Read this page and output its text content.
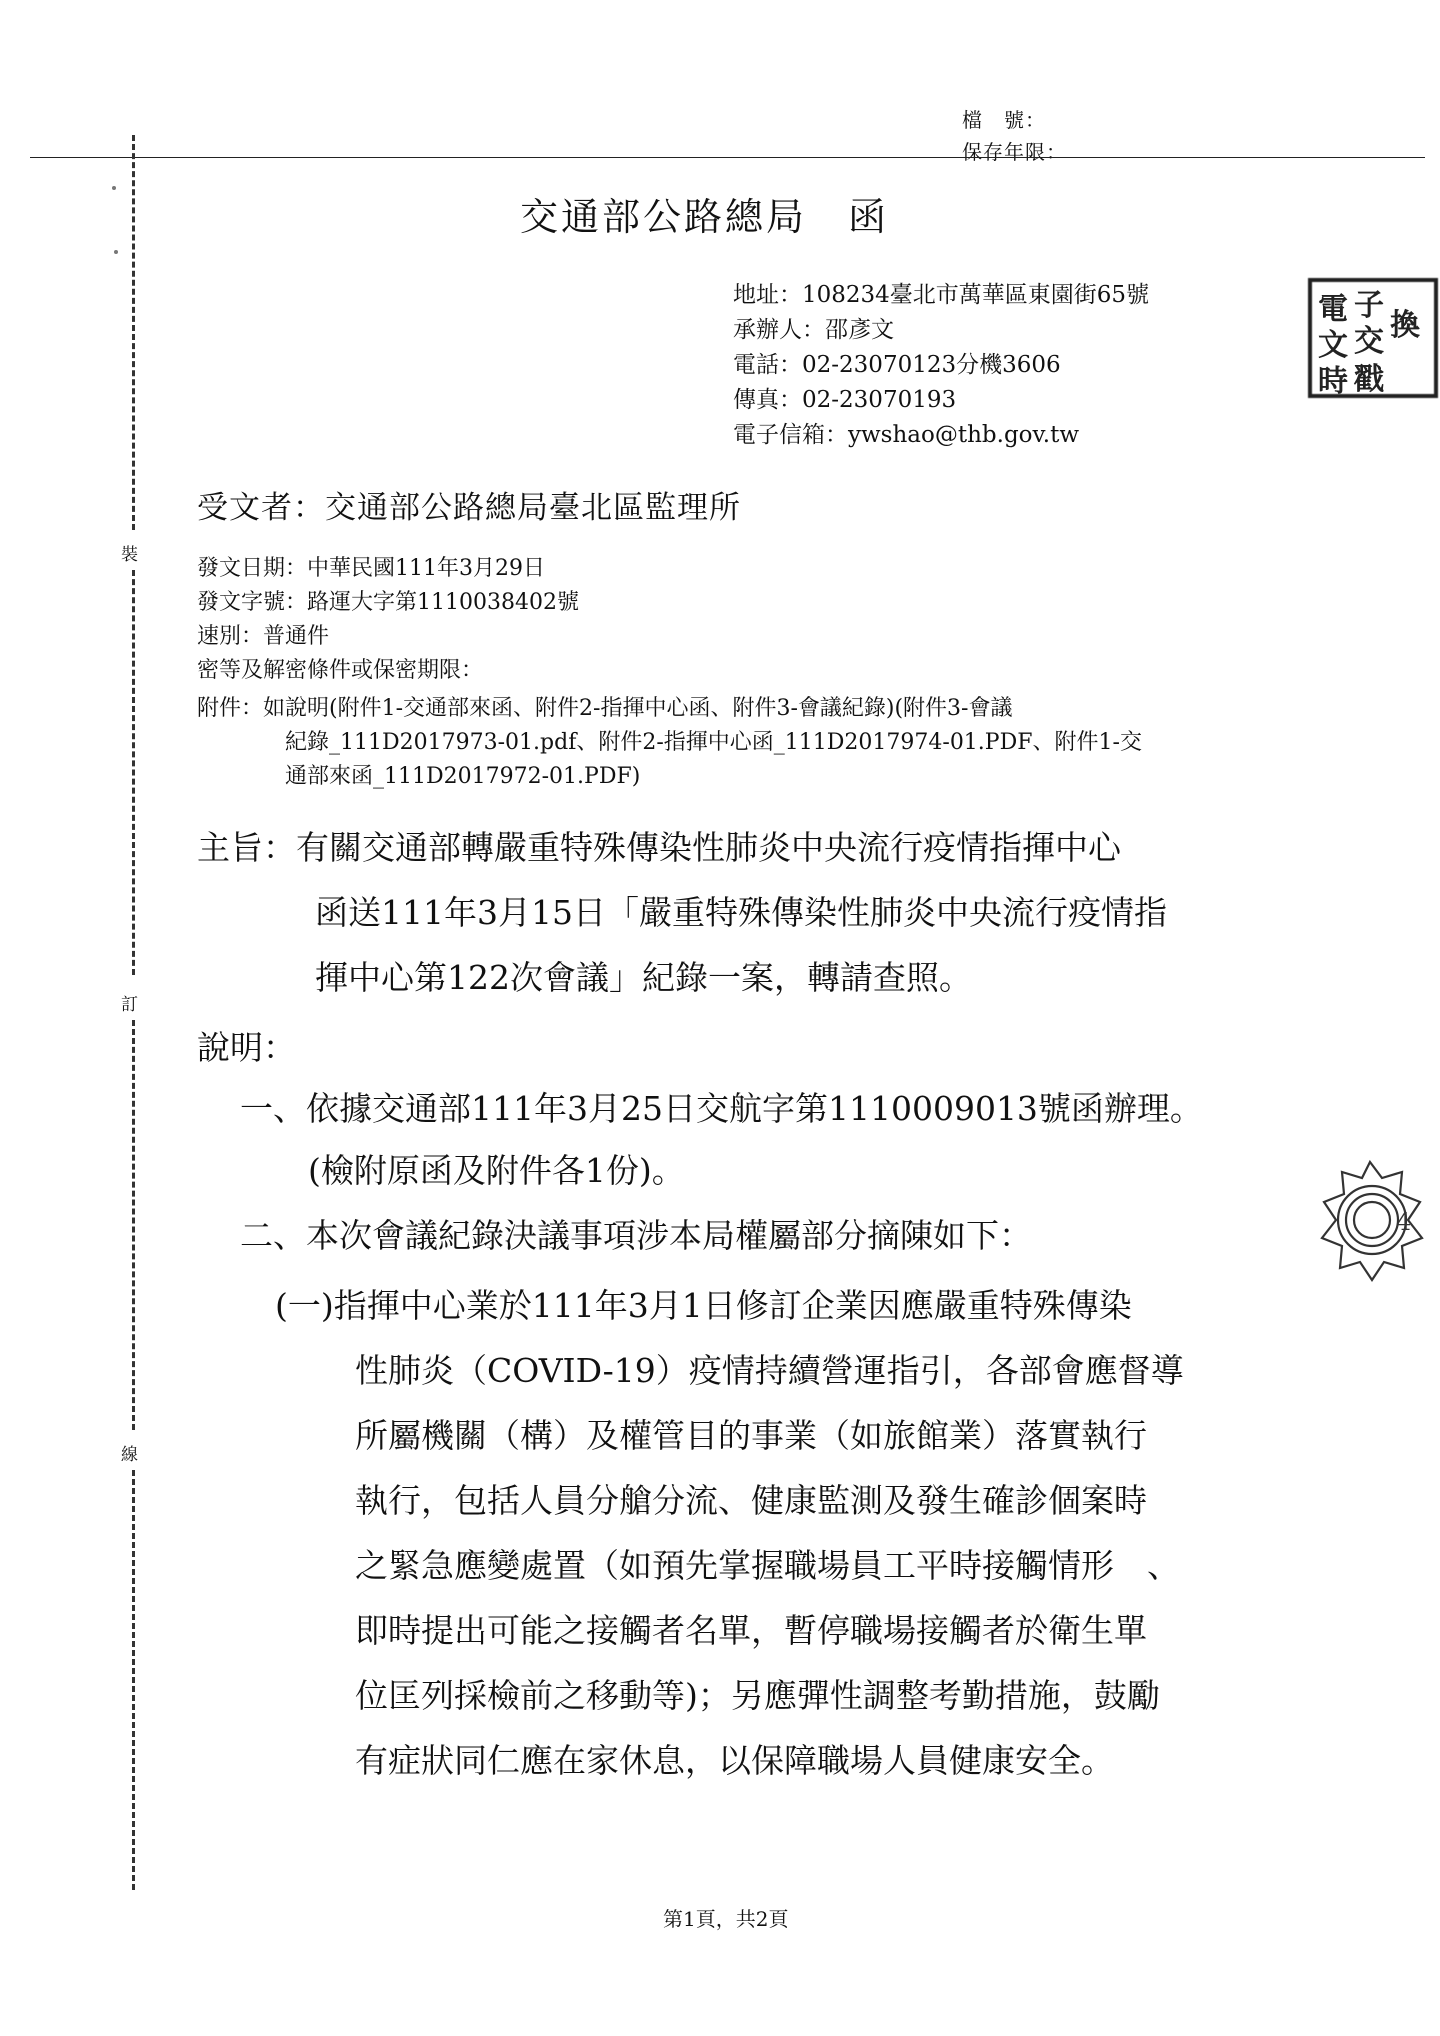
檔　號：
保存年限：
裝
訂
線
交通部公路總局　函
地址：108234臺北市萬華區東園街65號
承辦人：邵彥文
電話：02-23070123分機3606
傳真：02-23070193
電子信箱：ywshao@thb.gov.tw
電 子
文 交 換
時 戳
受文者：交通部公路總局臺北區監理所
發文日期：中華民國111年3月29日
發文字號：路運大字第1110038402號
速別：普通件
密等及解密條件或保密期限：
附件：如說明(附件1-交通部來函、附件2-指揮中心函、附件3-會議紀錄)(附件3-會議
紀錄_111D2017973-01.pdf、附件2-指揮中心函_111D2017974-01.PDF、附件1-交
通部來函_111D2017972-01.PDF)
主旨：有關交通部轉嚴重特殊傳染性肺炎中央流行疫情指揮中心
函送111年3月15日「嚴重特殊傳染性肺炎中央流行疫情指
揮中心第122次會議」紀錄一案，轉請查照。
說明：
一、依據交通部111年3月25日交航字第1110009013號函辦理。
(檢附原函及附件各1份)。
二、本次會議紀錄決議事項涉本局權屬部分摘陳如下：
(一)指揮中心業於111年3月1日修訂企業因應嚴重特殊傳染
性肺炎（COVID-19）疫情持續營運指引，各部會應督導
所屬機關（構）及權管目的事業（如旅館業）落實執行
執行，包括人員分艙分流、健康監測及發生確診個案時
之緊急應變處置（如預先掌握職場員工平時接觸情形　、
即時提出可能之接觸者名單，暫停職場接觸者於衛生單
位匡列採檢前之移動等)；另應彈性調整考勤措施，鼓勵
有症狀同仁應在家休息，以保障職場人員健康安全。
4
第1頁，共2頁
